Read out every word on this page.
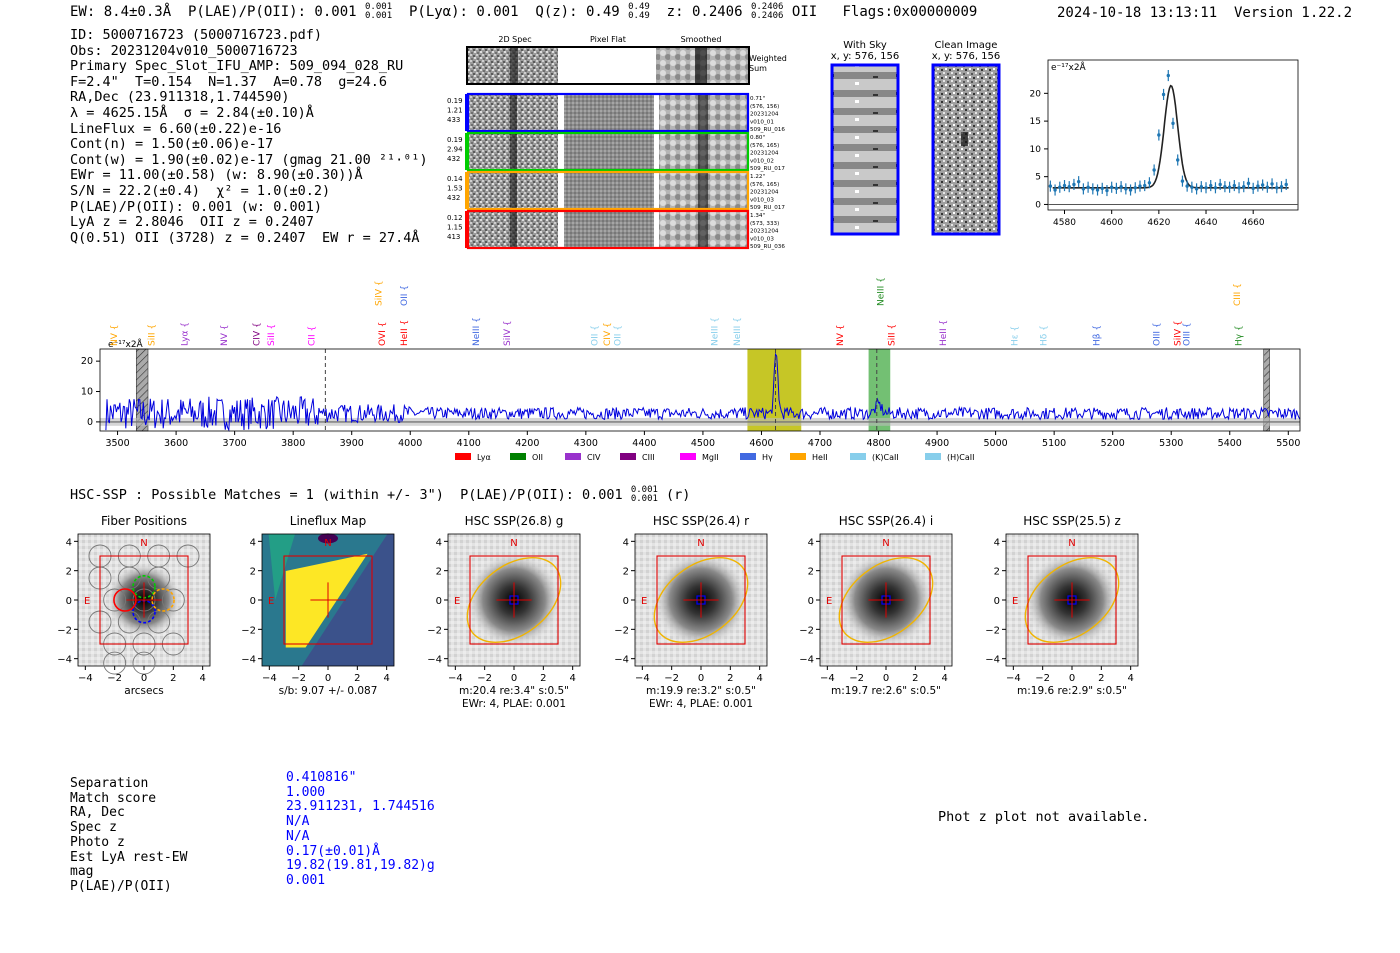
EW: 8.4±0.3Å  P(LAE)/P(OII): 0.001 0.001
0.001  P(Lyα): 0.001  Q(z): 0.49 0.49
0.49  z: 0.2406 0.2406
0.2406 OII   Flags:0x00000009	2024-10-18 13:13:11  Version 1.22.2
ID: 5000716723 (5000716723.pdf)
Obs: 20231204v010_5000716723
Primary Spec_Slot_IFU_AMP: 509_094_028_RU
F=2.4"  T=0.154  N=1.37  A=0.78  g=24.6
RA,Dec (23.911318,1.744590)
λ = 4625.15Å  σ = 2.84(±0.10)Å
LineFlux = 6.60(±0.22)e-16
Cont(n) = 1.50(±0.06)e-17
Cont(w) = 1.90(±0.02)e-17 (gmag 21.00 ²¹·⁰¹)
EWr = 11.00(±0.58) (w: 8.90(±0.30))Å
S/N = 22.2(±0.4)  χ² = 1.0(±0.2)
P(LAE)/P(OII): 0.001 (w: 0.001)
LyA z = 2.8046  OII z = 0.2407
Q(0.51) OII (3728) z = 0.2407  EW r = 27.4Å
2D Spec	Pixel Flat	Smoothed
Weighted
Sum
0.19
1.21
433
0.71"
(576, 156)
20231204
v010_01
509_RU_016
0.19
2.94
432
0.80"
(576, 165)
20231204
v010_02
509_RU_017
0.14
1.53
432
1.22"
(576, 165)
20231204
v010_03
509_RU_017
0.12
1.15
413
1.34"
(573, 333)
20231204
v010_03
509_RU_036
With Sky
x, y: 576, 156
Clean Image
x, y: 576, 156
4580	4600	4620	4640	4660
0
5
10
15
20
e⁻¹⁷x2Å
3500	3600	3700	3800	3900	4000	4100	4200	4300	4400	4500	4600	4700	4800	4900	5000	5100	5200	5300	5400	5500
0
10
20
e⁻¹⁷x2Å
NV {	SiII {	Lyα {	NV { CIV { SiII {	CII {	OVI { HeII {	NeIII { SiIV {	OII { CIV { OII {	NeIII { NeIII {	NV {	SiII {	HeII {	Hε { Hδ {	Hβ {	OIII { SiIV {
OIII {	Hγ {
SiIV { OII {	NeIII {	CIII {
Lyα	OII	CIV	CIII	MgII	Hγ	HeII	(K)CaII	(H)CaII
HSC-SSP : Possible Matches = 1 (within +/- 3")  P(LAE)/P(OII): 0.001 0.001
0.001 (r)
Fiber Positions
N
E
−4
−4
−2
−2
0
0
2
2
4
4
arcsecs
Lineflux Map
N
E
−4
−4
−2
−2
0
0
2
2
4
4
s/b: 9.07 +/- 0.087
HSC SSP(26.8) g
N
E
−4
−4
−2
−2
0
0
2
2
4
4
m:20.4 re:3.4" s:0.5"
EWr: 4, PLAE: 0.001
HSC SSP(26.4) r
N
E
−4
−4
−2
−2
0
0
2
2
4
4
m:19.9 re:3.2" s:0.5"
EWr: 4, PLAE: 0.001
HSC SSP(26.4) i
N
E
−4
−4
−2
−2
0
0
2
2
4
4
m:19.7 re:2.6" s:0.5"
HSC SSP(25.5) z
N
E
−4
−4
−2
−2
0
0
2
2
4
4
m:19.6 re:2.9" s:0.5"
Separation	0.410816"
Match score	1.000
RA, Dec	23.911231, 1.744516
Spec z	N/A
Photo z	N/A
Est LyA rest-EW	0.17(±0.01)Å
mag	19.82(19.81,19.82)g
P(LAE)/P(OII)	0.001
Phot z plot not available.
